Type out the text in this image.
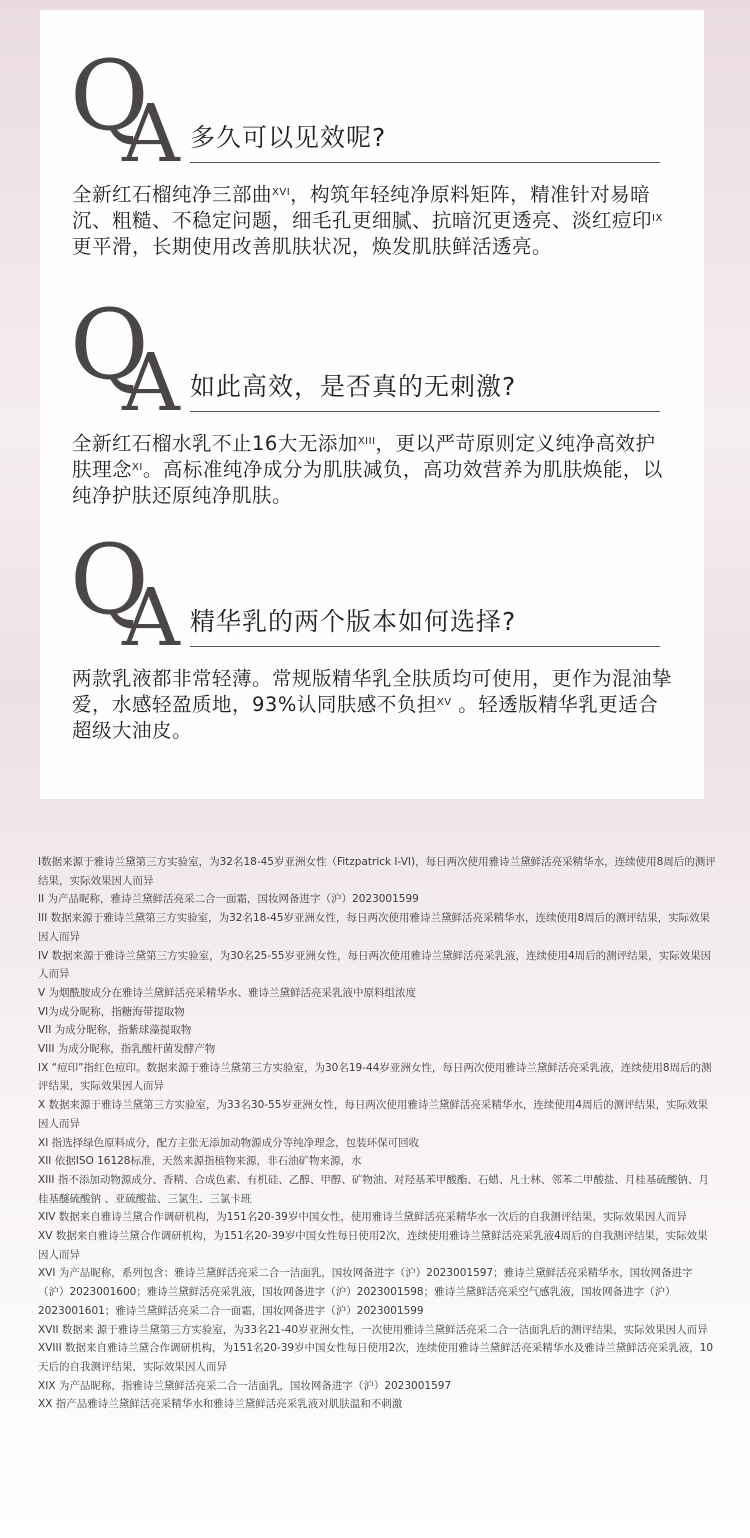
Q
A 多久可以见效呢?
全新红石榴纯净三部曲$^{XVI}$，构筑年轻纯净原料矩阵，精准针对易暗沉、粗糙、不稳定问题，细毛孔更细腻、抗暗沉更透亮、淡红痘印$^{IX}$更平滑，长期使用改善肌肤状况，焕发肌肤鲜活透亮。
Q
A 如此高效，是否真的无刺激?
全新红石榴水乳不止16大无添加$^{XIII}$，更以严苛原则定义纯净高效护肤理念$^{XI}$。高标准纯净成分为肌肤减负，高功效营养为肌肤焕能，以纯净护肤还原纯净肌肤。
Q
A 精华乳的两个版本如何选择?
两款乳液都非常轻薄。常规版精华乳全肤质均可使用，更作为混油挚爱，水感轻盈质地，93%认同肤感不负担$^{XV}$ 。轻透版精华乳更适合超级大油皮。

I数据来源于雅诗兰黛第三方实验室，为32名18-45岁亚洲女性（Fitzpatrick I-VI)，每日两次使用雅诗兰黛鲜活亮采精华水，连续使用8周后的测评结果，实际效果因人而异

II 为产品昵称，雅诗兰黛鲜活亮采二合一面霜，国妆网备进字（沪）2023001599

III 数据来源于雅诗兰黛第三方实验室，为32名18-45岁亚洲女性，每日两次使用雅诗兰黛鲜活亮采精华水，连续使用8周后的测评结果，实际效果因人而异

IV 数据来源于雅诗兰黛第三方实验室，为30名25-55岁亚洲女性，每日两次使用雅诗兰黛鲜活亮采乳液，连续使用4周后的测评结果，实际效果因人而异

V 为烟酰胺成分在雅诗兰黛鲜活亮采精华水、雅诗兰黛鲜活亮采乳液中原料组浓度

VI为成分昵称，指糖海带提取物

VII 为成分昵称，指紫球藻提取物

VIII 为成分昵称，指乳酸杆菌发酵产物

IX “痘印”指红色痘印。数据来源于雅诗兰黛第三方实验室，为30名19-44岁亚洲女性，每日两次使用雅诗兰黛鲜活亮采乳液，连续使用8周后的测评结果，实际效果因人而异

X 数据来源于雅诗兰黛第三方实验室，为33名30-55岁亚洲女性，每日两次使用雅诗兰黛鲜活亮采精华水，连续使用4周后的测评结果，实际效果因人而异

XI 指选择绿色原料成分，配方主张无添加动物源成分等纯净理念，包装环保可回收

XII 依据ISO 16128标准，天然来源指植物来源，非石油矿物来源，水

XIII 指不添加动物源成分、香精、合成色素、有机硅、乙醇、甲醇、矿物油、对羟基苯甲酸酯、石蜡、凡士林、邻苯二甲酸盐、月桂基硫酸钠、月桂基醚硫酸钠 、亚硫酸盐、三氯生、三氯卡班

XIV 数据来自雅诗兰黛合作调研机构，为151名20-39岁中国女性，使用雅诗兰黛鲜活亮采精华水一次后的自我测评结果，实际效果因人而异

XV 数据来自雅诗兰黛合作调研机构，为151名20-39岁中国女性每日使用2次，连续使用雅诗兰黛鲜活亮采乳液4周后的自我测评结果，实际效果因人而异

XVI 为产品昵称，系列包含：雅诗兰黛鲜活亮采二合一洁面乳，国妆网备进字（沪）2023001597；雅诗兰黛鲜活亮采精华水，国妆网备进字（沪）2023001600；雅诗兰黛鲜活亮采乳液，国妆网备进字（沪）2023001598；雅诗兰黛鲜活亮采空气感乳液，国妆网备进字（沪）2023001601；雅诗兰黛鲜活亮采二合一面霜，国妆网备进字（沪）2023001599

XVII 数据来 源于雅诗兰黛第三方实验室，为33名21-40岁亚洲女性，一次使用雅诗兰黛鲜活亮采二合一洁面乳后的测评结果，实际效果因人而异

XVIII 数据来自雅诗兰黛合作调研机构，为151名20-39岁中国女性每日使用2次，连续使用雅诗兰黛鲜活亮采精华水及雅诗兰黛鲜活亮采乳液，10天后的自我测评结果，实际效果因人而异

XIX 为产品昵称，指雅诗兰黛鲜活亮采二合一洁面乳，国妆网备进字（沪）2023001597

XX 指产品雅诗兰黛鲜活亮采精华水和雅诗兰黛鲜活亮采乳液对肌肤温和不刺激
